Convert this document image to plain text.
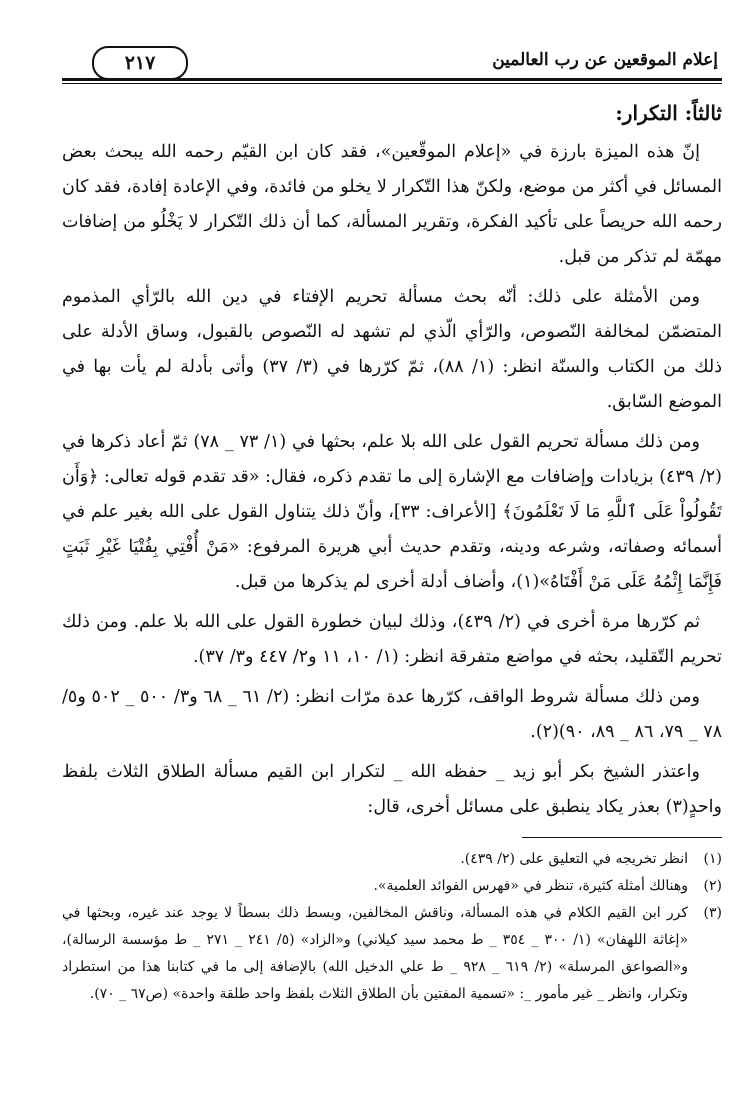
إعلام الموقعين عن رب العالمين
٢١٧
ثالثاً: التكرار:

إنّ هذه الميزة بارزة في «إعلام الموقّعين»، فقد كان ابن القيّم رحمه الله يبحث بعض المسائل في أكثر من موضع، ولكنّ هذا التّكرار لا يخلو من فائدة، وفي الإعادة إفادة، فقد كان رحمه الله حريصاً على تأكيد الفكرة، وتقرير المسألة، كما أن ذلك التّكرار لا يَخْلُو من إضافات مهمّة لم تذكر من قبل.

ومن الأمثلة على ذلك: أنّه بحث مسألة تحريم الإفتاء في دين الله بالرّأي المذموم المتضمّن لمخالفة النّصوص، والرّأي الّذي لم تشهد له النّصوص بالقبول، وساق الأدلة على ذلك من الكتاب والسنّة انظر: (١/ ٨٨)، ثمّ كرّرها في (٣/ ٣٧) وأتى بأدلة لم يأت بها في الموضع السّابق.

ومن ذلك مسألة تحريم القول على الله بلا علم، بحثها في (١/ ٧٣ _ ٧٨) ثمّ أعاد ذكرها في (٢/ ٤٣٩) بزيادات وإضافات مع الإشارة إلى ما تقدم ذكره، فقال: «قد تقدم قوله تعالى: ﴿وَأَن تَقُولُواْ عَلَى ٱللَّهِ مَا لَا تَعْلَمُونَ﴾ [الأعراف: ٣٣]، وأنّ ذلك يتناول القول على الله بغير علم في أسمائه وصفاته، وشرعه ودينه، وتقدم حديث أبي هريرة المرفوع: «مَنْ أُفْتِي بِفُتْيَا غَيْرِ ثَبَتٍ فَإِنَّمَا إِثْمُهُ عَلَى مَنْ أَفْتَاهُ»(١)، وأضاف أدلة أخرى لم يذكرها من قبل.

ثم كرّرها مرة أخرى في (٢/ ٤٣٩)، وذلك لبيان خطورة القول على الله بلا علم. ومن ذلك تحريم التّقليد، بحثه في مواضع متفرقة انظر: (١/ ١٠، ١١ و٢/ ٤٤٧ و٣/ ٣٧).

ومن ذلك مسألة شروط الواقف، كرّرها عدة مرّات انظر: (٢/ ٦١ _ ٦٨ و٣/ ٥٠٠ _ ٥٠٢ و٥/ ٧٨ _ ٧٩، ٨٦ _ ٨٩، ٩٠)(٢).

واعتذر الشيخ بكر أبو زيد _ حفظه الله _ لتكرار ابن القيم مسألة الطلاق الثلاث بلفظ واحدٍ(٣) بعذر يكاد ينطبق على مسائل أخرى، قال:

(١)
انظر تخريجه في التعليق على (٢/ ٤٣٩).
(٢)
وهنالك أمثلة كثيرة، تنظر في «فهرس الفوائد العلمية».
(٣)
كرر ابن القيم الكلام في هذه المسألة، وناقش المخالفين، وبسط ذلك بسطاً لا يوجد عند غيره، وبحثها في «إغاثة اللهفان» (١/ ٣٠٠ _ ٣٥٤ _ ط محمد سيد كيلاني) و«الزاد» (٥/ ٢٤١ _ ٢٧١ _ ط مؤسسة الرسالة)، و«الصواعق المرسلة» (٢/ ٦١٩ _ ٩٢٨ _ ط علي الدخيل الله) بالإضافة إلى ما في كتابنا هذا من استطراد وتكرار، وانظر _ غير مأمور _: «تسمية المفتين بأن الطلاق الثلاث بلفظ واحد طلقة واحدة» (ص٦٧ _ ٧٠).
